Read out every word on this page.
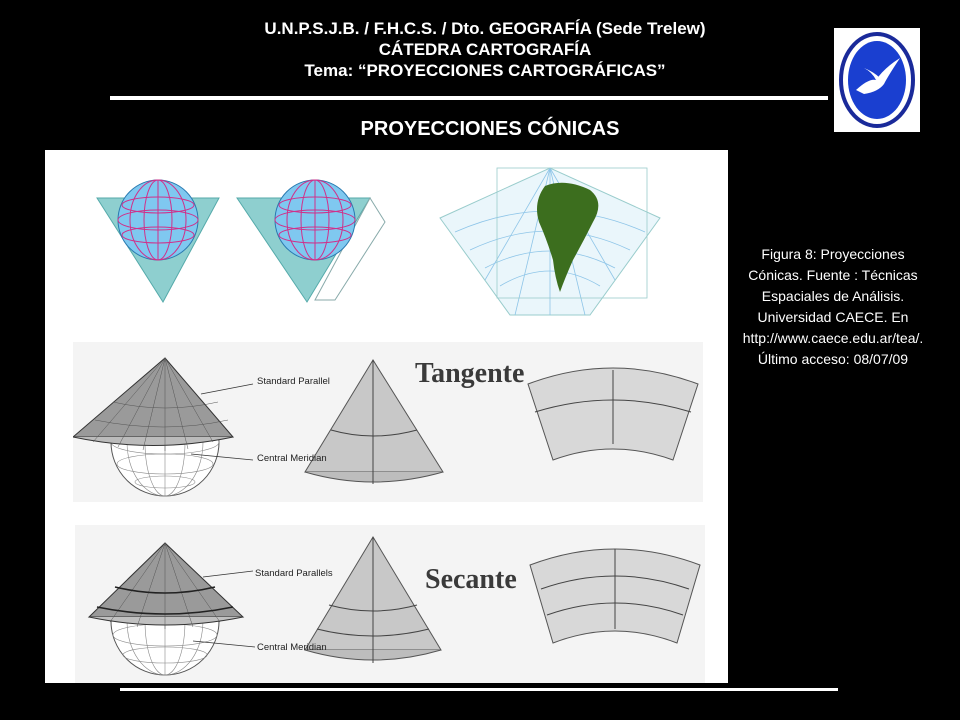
U.N.P.S.J.B. / F.H.C.S. / Dto. GEOGRAFÍA (Sede Trelew)
CÁTEDRA CARTOGRAFÍA
Tema: “PROYECCIONES CARTOGRÁFICAS”
PROYECCIONES CÓNICAS
Tangente
Standard Parallel
Central Meridian
Secante
Standard Parallels
Central Meridian
Figura 8: Proyecciones Cónicas. Fuente : Técnicas Espaciales de Análisis. Universidad CAECE. En http://www.caece.edu.ar/tea/. Último acceso: 08/07/09
